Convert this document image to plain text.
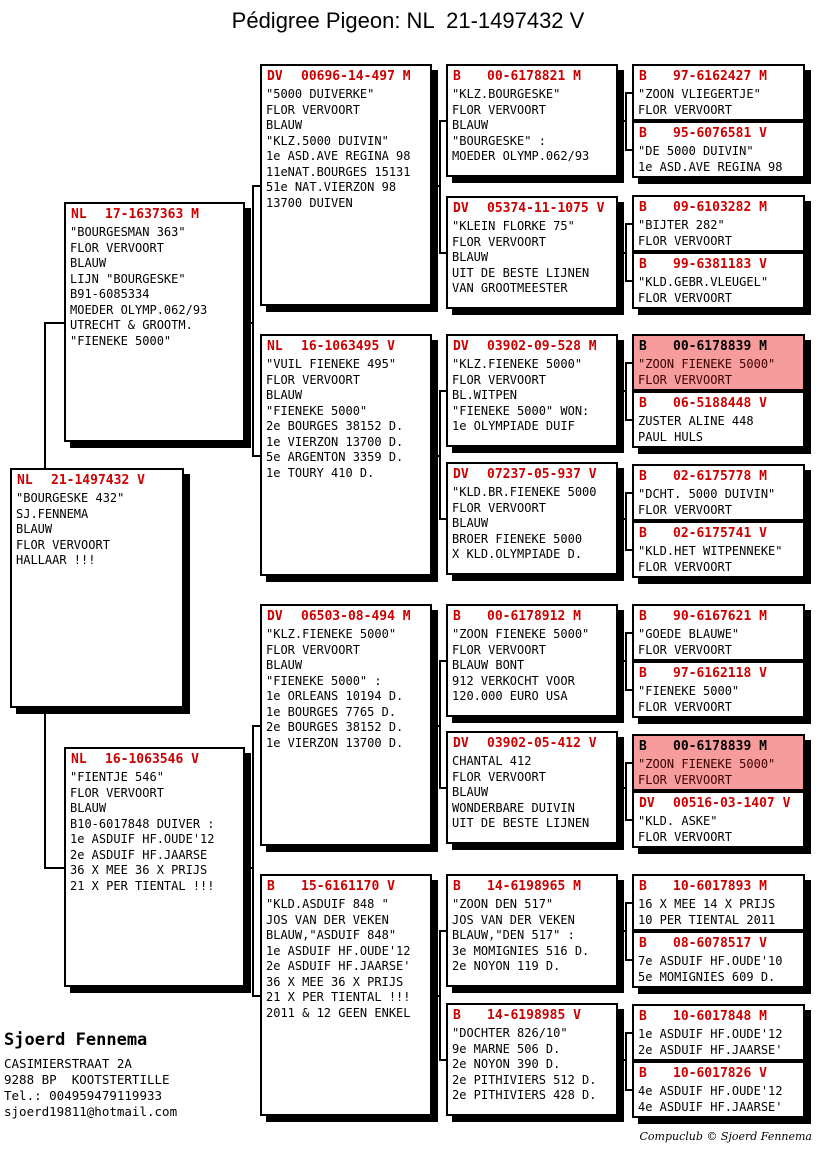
Pédigree Pigeon: NL  21-1497432 V
NL	21-1497432 V
"BOURGESKE 432"
SJ.FENNEMA
BLAUW
FLOR VERVOORT
HALLAAR !!!
NL	17-1637363 M
"BOURGESMAN 363"
FLOR VERVOORT
BLAUW
LIJN "BOURGESKE"
B91-6085334
MOEDER OLYMP.062/93
UTRECHT & GROOTM.
"FIENEKE 5000"
NL	16-1063546 V
"FIENTJE 546"
FLOR VERVOORT
BLAUW
B10-6017848 DUIVER :
1e ASDUIF HF.OUDE'12
2e ASDUIF HF.JAARSE
36 X MEE 36 X PRIJS
21 X PER TIENTAL !!!
DV	00696-14-497 M
"5000 DUIVERKE"
FLOR VERVOORT
BLAUW
"KLZ.5000 DUIVIN"
1e ASD.AVE REGINA 98
11eNAT.BOURGES 15131
51e NAT.VIERZON 98
13700 DUIVEN
NL	16-1063495 V
"VUIL FIENEKE 495"
FLOR VERVOORT
BLAUW
"FIENEKE 5000"
2e BOURGES 38152 D.
1e VIERZON 13700 D.
5e ARGENTON 3359 D.
1e TOURY 410 D.
DV	06503-08-494 M
"KLZ.FIENEKE 5000"
FLOR VERVOORT
BLAUW
"FIENEKE 5000" :
1e ORLEANS 10194 D.
1e BOURGES 7765 D.
2e BOURGES 38152 D.
1e VIERZON 13700 D.
B	15-6161170 V
"KLD.ASDUIF 848 "
JOS VAN DER VEKEN
BLAUW,"ASDUIF 848"
1e ASDUIF HF.OUDE'12
2e ASDUIF HF.JAARSE'
36 X MEE 36 X PRIJS
21 X PER TIENTAL !!!
2011 & 12 GEEN ENKEL
B	00-6178821 M
"KLZ.BOURGESKE"
FLOR VERVOORT
BLAUW
"BOURGESKE" :
MOEDER OLYMP.062/93
DV	05374-11-1075 V
"KLEIN FLORKE 75"
FLOR VERVOORT
BLAUW
UIT DE BESTE LIJNEN
VAN GROOTMEESTER
DV	03902-09-528 M
"KLZ.FIENEKE 5000"
FLOR VERVOORT
BL.WITPEN
"FIENEKE 5000" WON:
1e OLYMPIADE DUIF
DV	07237-05-937 V
"KLD.BR.FIENEKE 5000
FLOR VERVOORT
BLAUW
BROER FIENEKE 5000
X KLD.OLYMPIADE D.
B	00-6178912 M
"ZOON FIENEKE 5000"
FLOR VERVOORT
BLAUW BONT
912 VERKOCHT VOOR
120.000 EURO USA
DV	03902-05-412 V
CHANTAL 412
FLOR VERVOORT
BLAUW
WONDERBARE DUIVIN
UIT DE BESTE LIJNEN
B	14-6198965 M
"ZOON DEN 517"
JOS VAN DER VEKEN
BLAUW,"DEN 517" :
3e MOMIGNIES 516 D.
2e NOYON 119 D.
B	14-6198985 V
"DOCHTER 826/10"
9e MARNE 506 D.
2e NOYON 390 D.
2e PITHIVIERS 512 D.
2e PITHIVIERS 428 D.
B	97-6162427 M
"ZOON VLIEGERTJE"
FLOR VERVOORT
B	95-6076581 V
"DE 5000 DUIVIN"
1e ASD.AVE REGINA 98
B	09-6103282 M
"BIJTER 282"
FLOR VERVOORT
B	99-6381183 V
"KLD.GEBR.VLEUGEL"
FLOR VERVOORT
B	00-6178839 M
"ZOON FIENEKE 5000"
FLOR VERVOORT
B	06-5188448 V
ZUSTER ALINE 448
PAUL HULS
B	02-6175778 M
"DCHT. 5000 DUIVIN"
FLOR VERVOORT
B	02-6175741 V
"KLD.HET WITPENNEKE"
FLOR VERVOORT
B	90-6167621 M
"GOEDE BLAUWE"
FLOR VERVOORT
B	97-6162118 V
"FIENEKE 5000"
FLOR VERVOORT
B	00-6178839 M
"ZOON FIENEKE 5000"
FLOR VERVOORT
DV	00516-03-1407 V
"KLD. ASKE"
FLOR VERVOORT
B	10-6017893 M
16 X MEE 14 X PRIJS
10 PER TIENTAL 2011
B	08-6078517 V
7e ASDUIF HF.OUDE'10
5e MOMIGNIES 609 D.
B	10-6017848 M
1e ASDUIF HF.OUDE'12
2e ASDUIF HF.JAARSE'
B	10-6017826 V
4e ASDUIF HF.OUDE'12
4e ASDUIF HF.JAARSE'
Sjoerd Fennema
CASIMIERSTRAAT 2A
9288 BP  KOOTSTERTILLE
Tel.: 004959479119933
sjoerd19811@hotmail.com
Compuclub © Sjoerd Fennema
